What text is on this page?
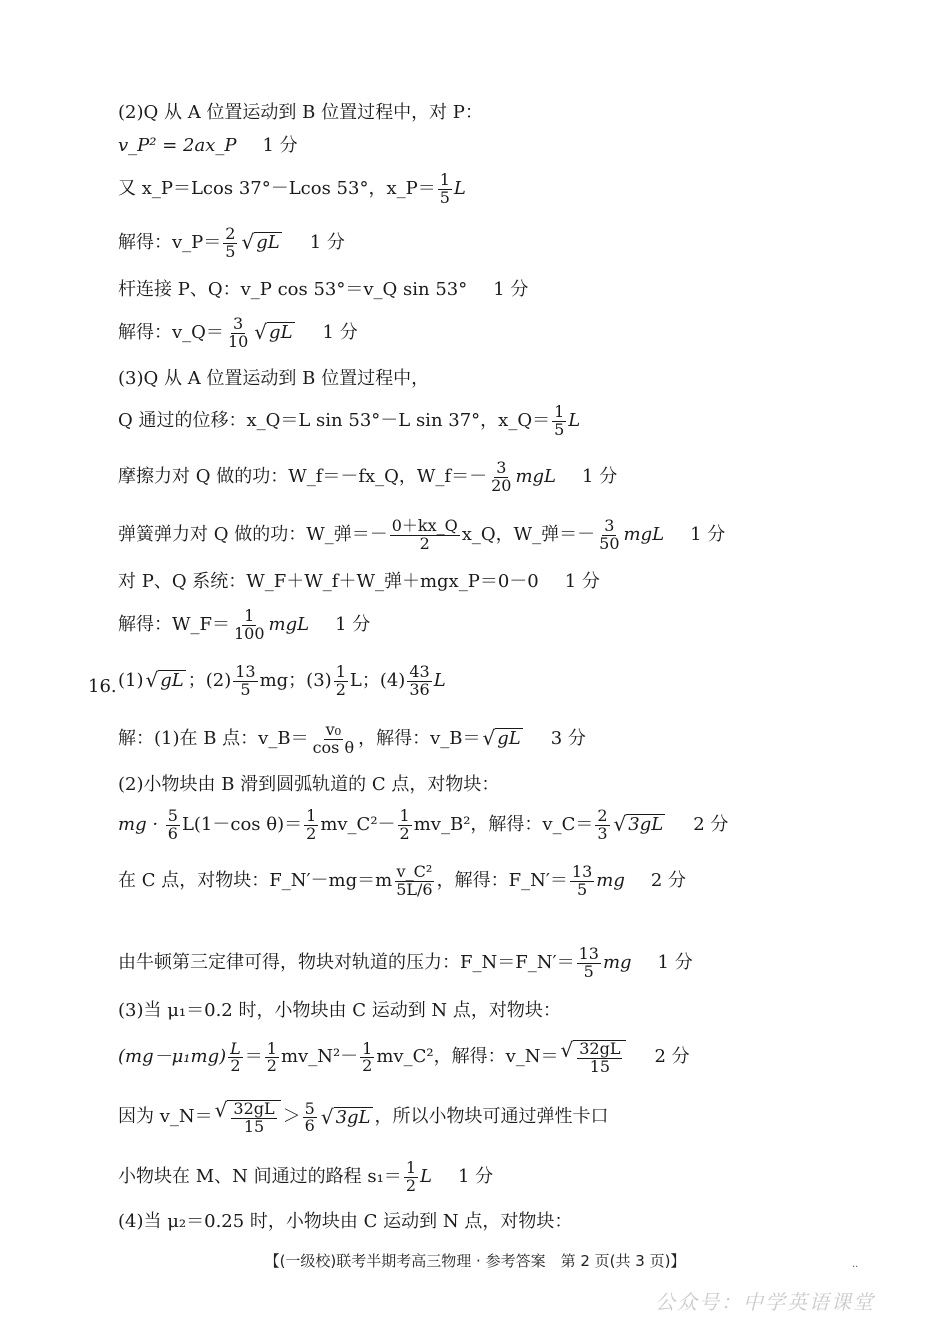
(2)Q 从 A 位置运动到 B 位置过程中，对 P：
v_P² = 2ax_P 1 分
又 x_P＝Lcos 37°－Lcos 53°，x_P＝ $\frac{1}{5}$ L
解得：v_P＝ $\frac{2}{5}$ √ gL 1 分
杆连接 P、Q：v_P cos 53°＝v_Q sin 53° 1 分
解得：v_Q＝ $\frac{3}{10}$ √ gL 1 分
(3)Q 从 A 位置运动到 B 位置过程中，
Q 通过的位移：x_Q＝L sin 53°－L sin 37°，x_Q＝ $\frac{1}{5}$ L
摩擦力对 Q 做的功：W_f＝－fx_Q，W_f＝－ $\frac{3}{20}$ mgL 1 分
弹簧弹力对 Q 做的功：W_弹＝－ $\frac{0+kx\_Q}{2}$ x_Q，W_弹＝－ $\frac{3}{50}$ mgL 1 分
对 P、Q 系统：W_F＋W_f＋W_弹＋mgx_P＝0－0 1 分
解得：W_F＝ $\frac{1}{100}$ mgL 1 分
16. (1) √ gL ；$(2) \frac{13}{5}$ mg；$(3) \frac{1}{2}$ L；$(4) \frac{43}{36}$ L
解：(1)在 B 点：v_B＝ $\frac{\text{v₀}}{\text{cos θ}}$ ，解得：v_B＝ √ gL 3 分
(2)小物块由 B 滑到圆弧轨道的 C 点，对物块：
mg · $\frac{5}{6} L(1-\cos$ $\theta)= \frac{1}{2}$ mv_C²－ $\frac{1}{2}$ mv_B²，解得：v_C＝ $\frac{2}{3}$ √ 3gL 2 分
在 C 点，对物块：F_N′－mg＝m $\frac{\text{v\_C²}}{5L/6}$ ，解得：F_N′＝ $\frac{13}{5}$ mg 2 分
由牛顿第三定律可得，物块对轨道的压力：F_N＝F_N′＝ $\frac{13}{5}$ mg 1 分
(3)当 μ₁＝0.2 时，小物块由 C 运动到 N 点，对物块：
$(mg-\mu_1mg) \frac{L}{2} = \frac{1}{2}$ mv_N²－ $\frac{1}{2}$ mv_C²，解得：v_N＝ √ $\frac{32gL}{15} 2$ 分
因为 v_N＝ √ $\frac{32gL}{15} > \frac{5}{6}$ √ 3gL ，所以小物块可通过弹性卡口
小物块在 M、N 间通过的路程 $s_1= \frac{1}{2}$ L 1 分
(4)当 μ₂＝0.25 时，小物块由 C 运动到 N 点，对物块：
【(一级校)联考半期考高三物理 · 参考答案　第 2 页(共 3 页)】	··
公众号：中学英语课堂
